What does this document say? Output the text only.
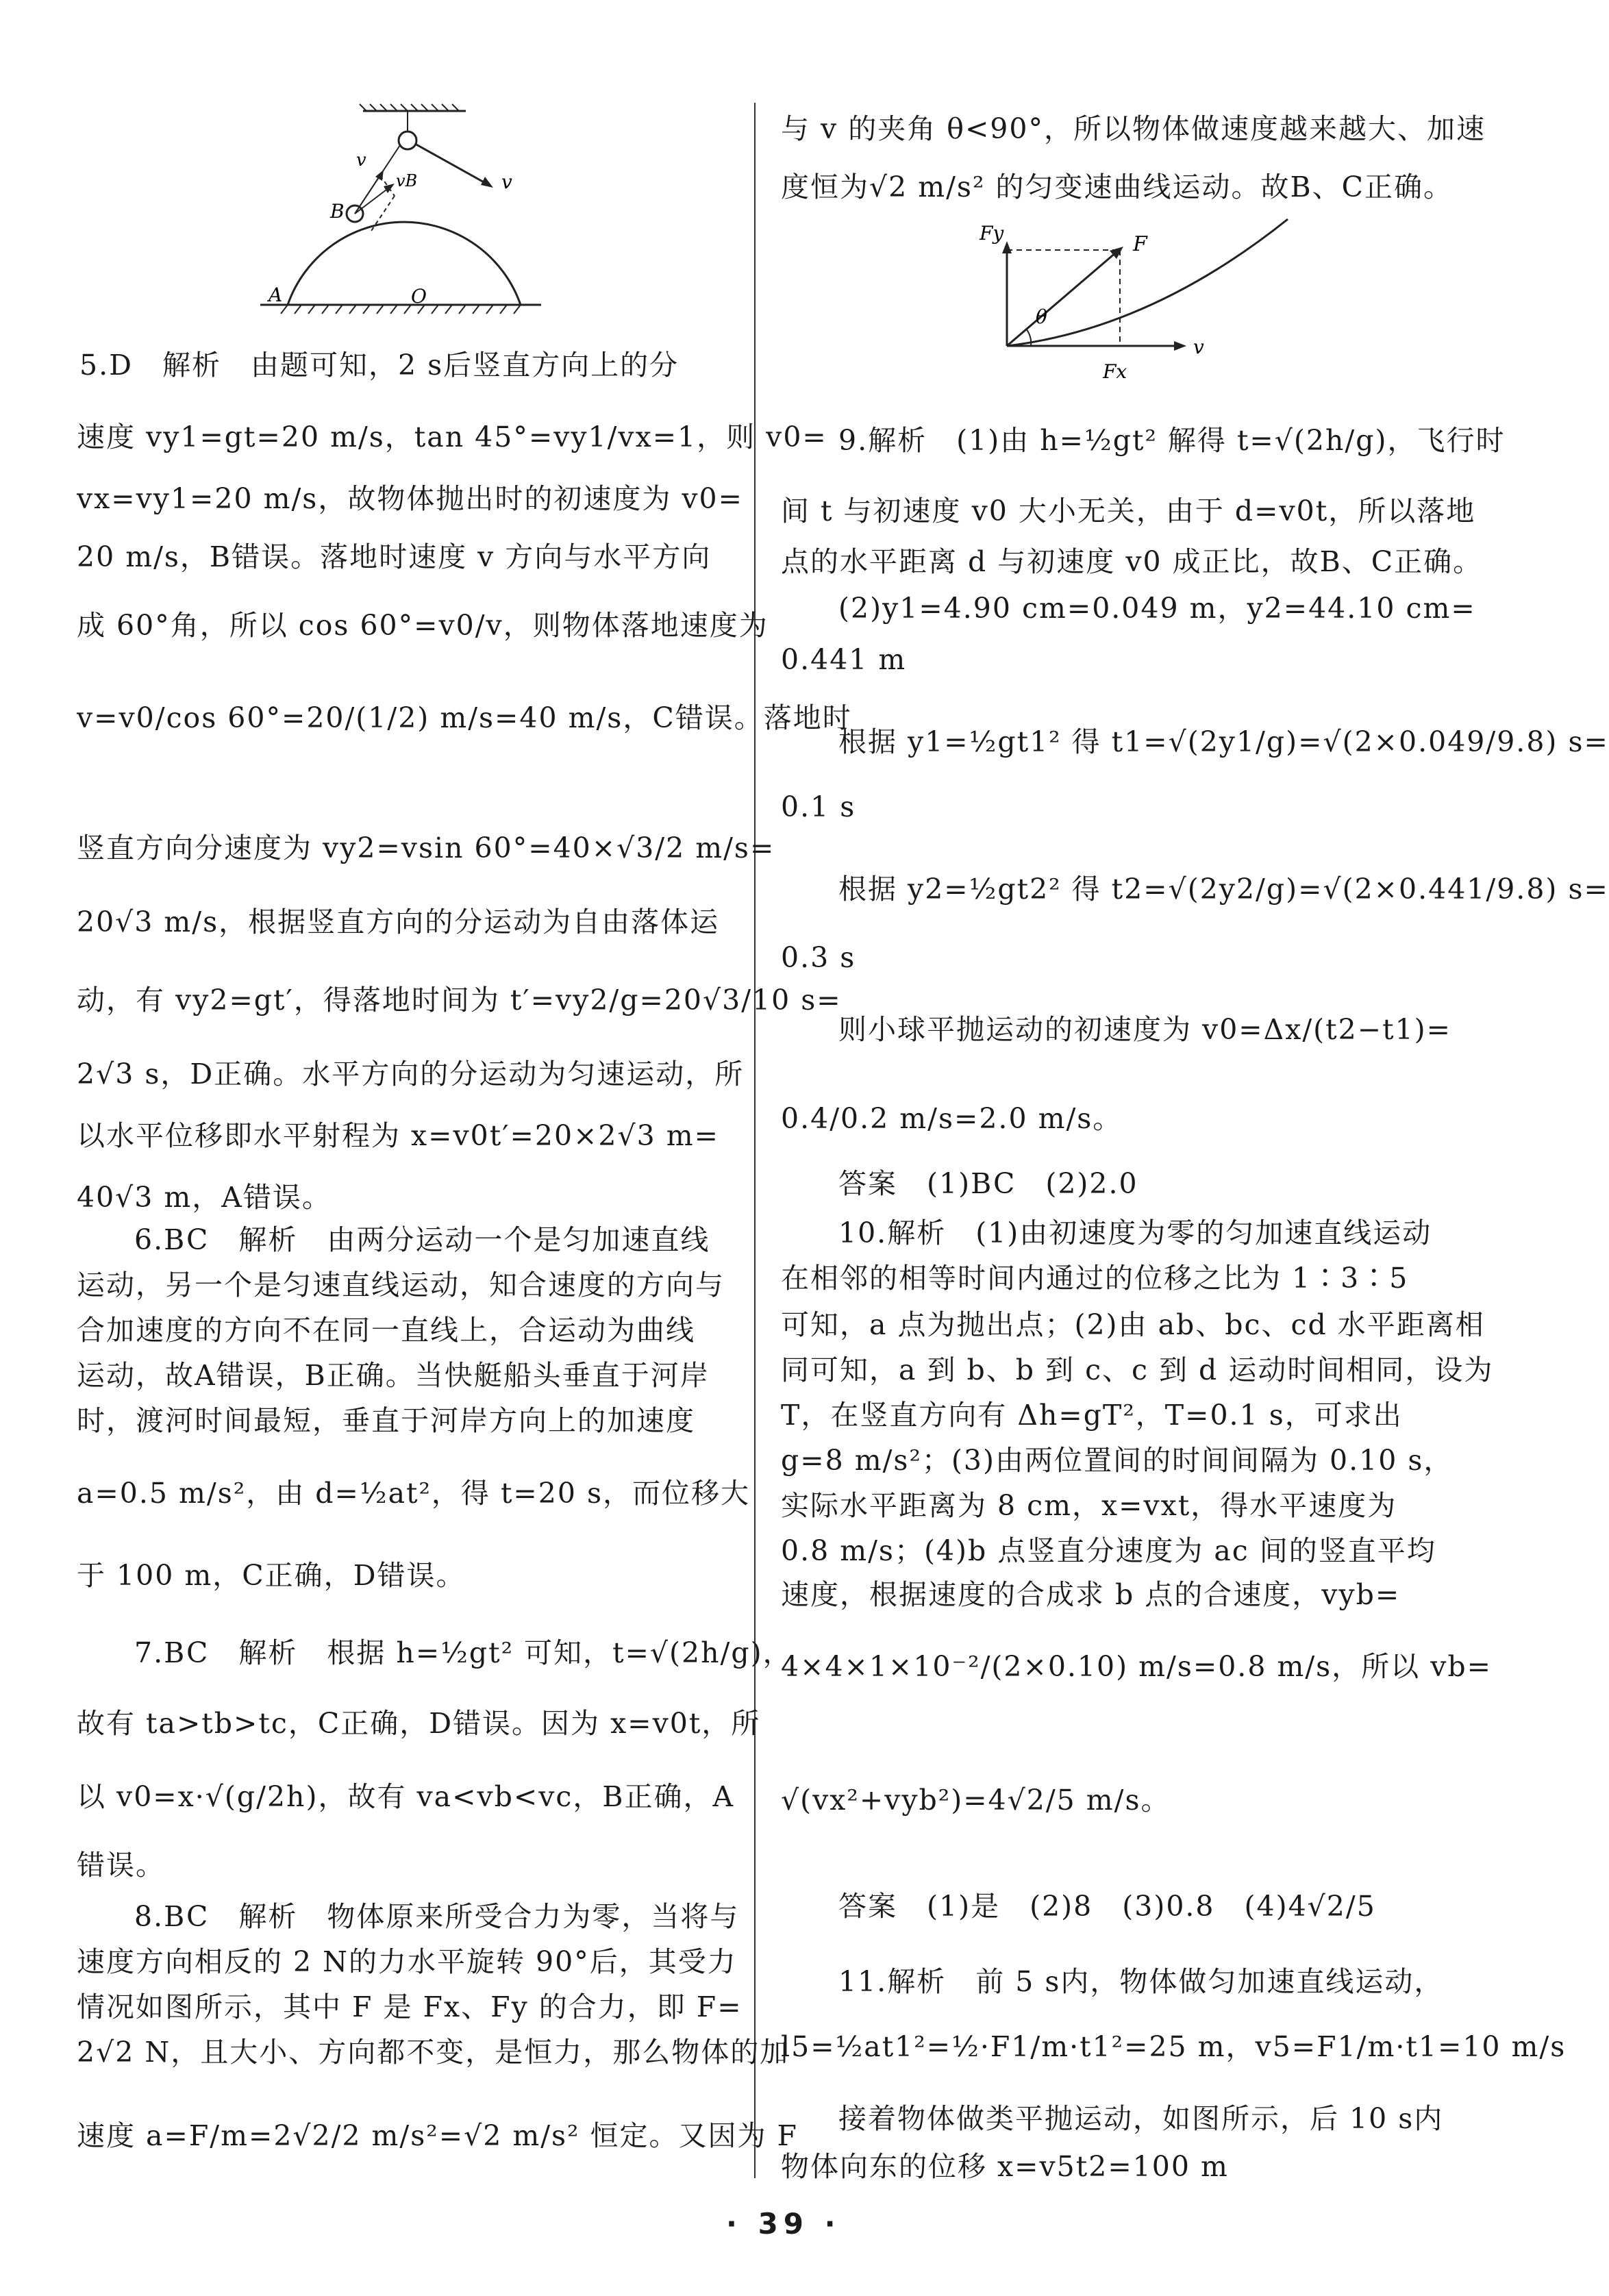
v
vB	v
B
A	O
5.D　解析　由题可知，2 s后竖直方向上的分
速度 vy1=gt=20 m/s，tan 45°=vy1/vx=1，则 v0=
vx=vy1=20 m/s，故物体抛出时的初速度为 v0=
20 m/s，B错误。落地时速度 v 方向与水平方向
成 60°角，所以 cos 60°=v0/v，则物体落地速度为
v=v0/cos 60°=20/(1/2) m/s=40 m/s，C错误。落地时
竖直方向分速度为 vy2=vsin 60°=40×√3/2 m/s=
20√3 m/s，根据竖直方向的分运动为自由落体运
动，有 vy2=gt′，得落地时间为 t′=vy2/g=20√3/10 s=
2√3 s，D正确。水平方向的分运动为匀速运动，所
以水平位移即水平射程为 x=v0t′=20×2√3 m=
40√3 m，A错误。
6.BC　解析　由两分运动一个是匀加速直线
运动，另一个是匀速直线运动，知合速度的方向与
合加速度的方向不在同一直线上，合运动为曲线
运动，故A错误，B正确。当快艇船头垂直于河岸
时，渡河时间最短，垂直于河岸方向上的加速度
a=0.5 m/s²，由 d=½at²，得 t=20 s，而位移大
于 100 m，C正确，D错误。
7.BC　解析　根据 h=½gt² 可知，t=√(2h/g)，
故有 ta>tb>tc，C正确，D错误。因为 x=v0t，所
以 v0=x·√(g/2h)，故有 va<vb<vc，B正确，A
错误。
8.BC　解析　物体原来所受合力为零，当将与
速度方向相反的 2 N的力水平旋转 90°后，其受力
情况如图所示，其中 F 是 Fx、Fy 的合力，即 F=
2√2 N，且大小、方向都不变，是恒力，那么物体的加
速度 a=F/m=2√2/2 m/s²=√2 m/s² 恒定。又因为 F
与 v 的夹角 θ<90°，所以物体做速度越来越大、加速
度恒为√2 m/s² 的匀变速曲线运动。故B、C正确。
Fy	F
θ
Fx
v
9.解析　(1)由 h=½gt² 解得 t=√(2h/g)，飞行时
间 t 与初速度 v0 大小无关，由于 d=v0t，所以落地
点的水平距离 d 与初速度 v0 成正比，故B、C正确。
(2)y1=4.90 cm=0.049 m，y2=44.10 cm=
0.441 m
根据 y1=½gt1² 得 t1=√(2y1/g)=√(2×0.049/9.8) s=
0.1 s
根据 y2=½gt2² 得 t2=√(2y2/g)=√(2×0.441/9.8) s=
0.3 s
则小球平抛运动的初速度为 v0=Δx/(t2−t1)=
0.4/0.2 m/s=2.0 m/s。
答案　(1)BC　(2)2.0
10.解析　(1)由初速度为零的匀加速直线运动
在相邻的相等时间内通过的位移之比为 1∶3∶5
可知，a 点为抛出点；(2)由 ab、bc、cd 水平距离相
同可知，a 到 b、b 到 c、c 到 d 运动时间相同，设为
T，在竖直方向有 Δh=gT²，T=0.1 s，可求出
g=8 m/s²；(3)由两位置间的时间间隔为 0.10 s，
实际水平距离为 8 cm，x=vxt，得水平速度为
0.8 m/s；(4)b 点竖直分速度为 ac 间的竖直平均
速度，根据速度的合成求 b 点的合速度，vyb=
4×4×1×10⁻²/(2×0.10) m/s=0.8 m/s，所以 vb=
√(vx²+vyb²)=4√2/5 m/s。
答案　(1)是　(2)8　(3)0.8　(4)4√2/5
11.解析　前 5 s内，物体做匀加速直线运动，
l5=½at1²=½·F1/m·t1²=25 m，v5=F1/m·t1=10 m/s
接着物体做类平抛运动，如图所示，后 10 s内
物体向东的位移 x=v5t2=100 m
· 39 ·
